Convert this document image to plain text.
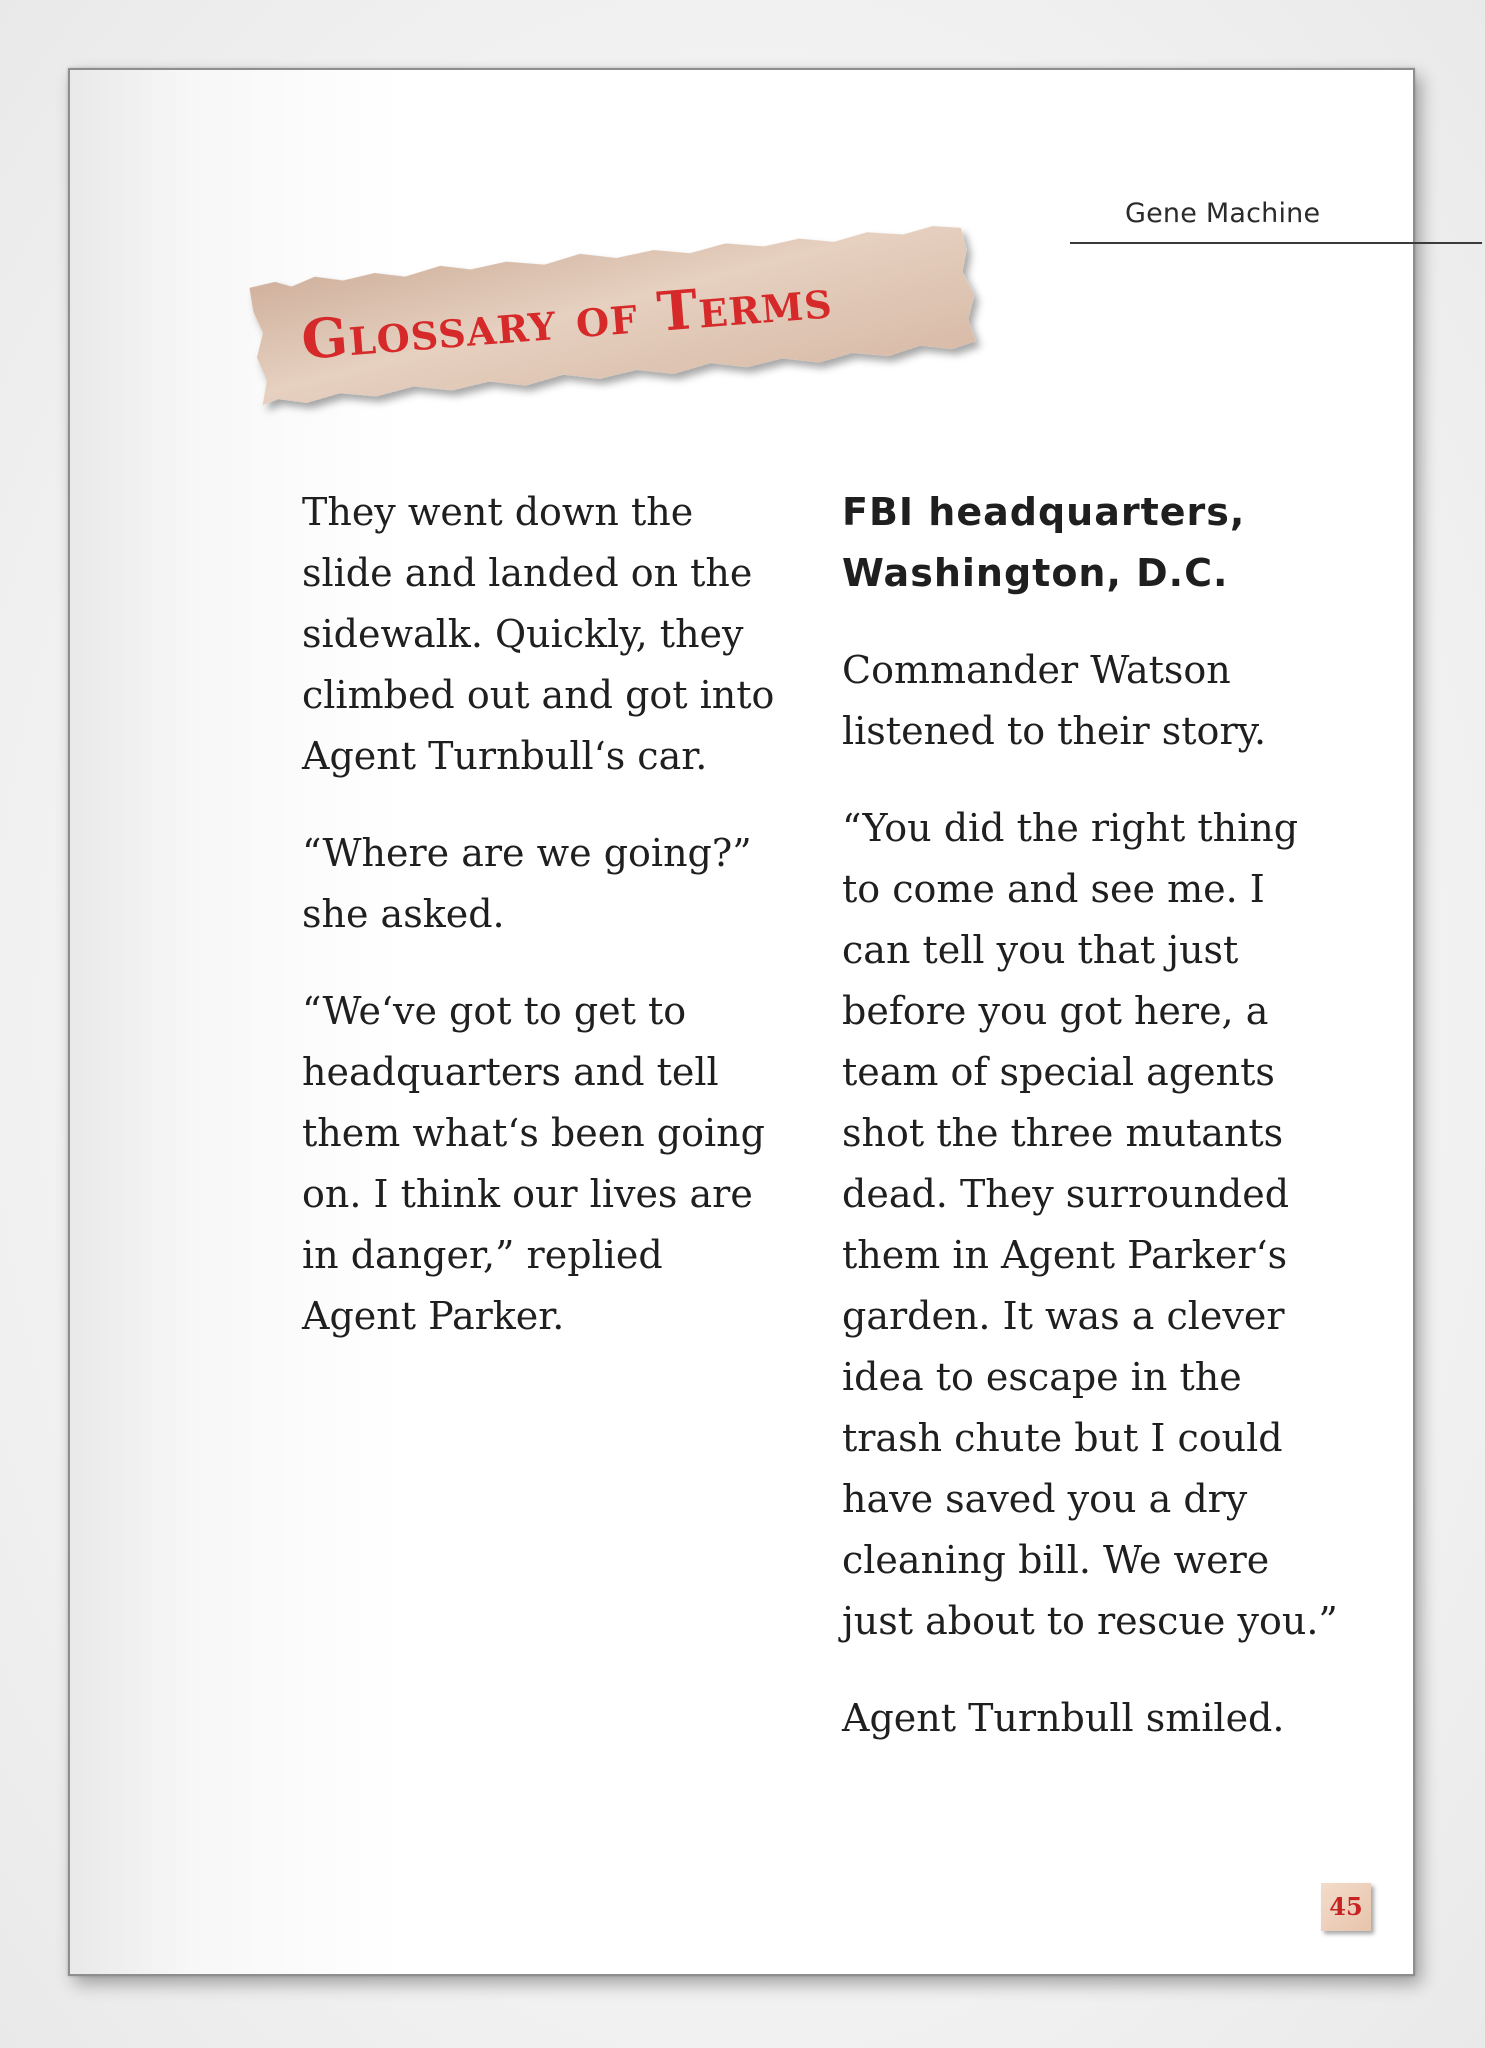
Gene Machine
Glossary of Terms

They went down the slide and landed on the sidewalk. Quickly, they climbed out and got into Agent Turnbull‘s car.

“Where are we going?” she asked.

“We‘ve got to get to headquarters and tell them what‘s been going on. I think our lives are in danger,” replied Agent Parker.

FBI headquarters,
Washington, D.C.

Commander Watson listened to their story.

“You did the right thing to come and see me. I can tell you that just before you got here, a team of special agents shot the three mutants dead. They surrounded them in Agent Parker‘s garden. It was a clever idea to escape in the trash chute but I could have saved you a dry cleaning bill. We were just about to rescue you.”

Agent Turnbull smiled.

45
